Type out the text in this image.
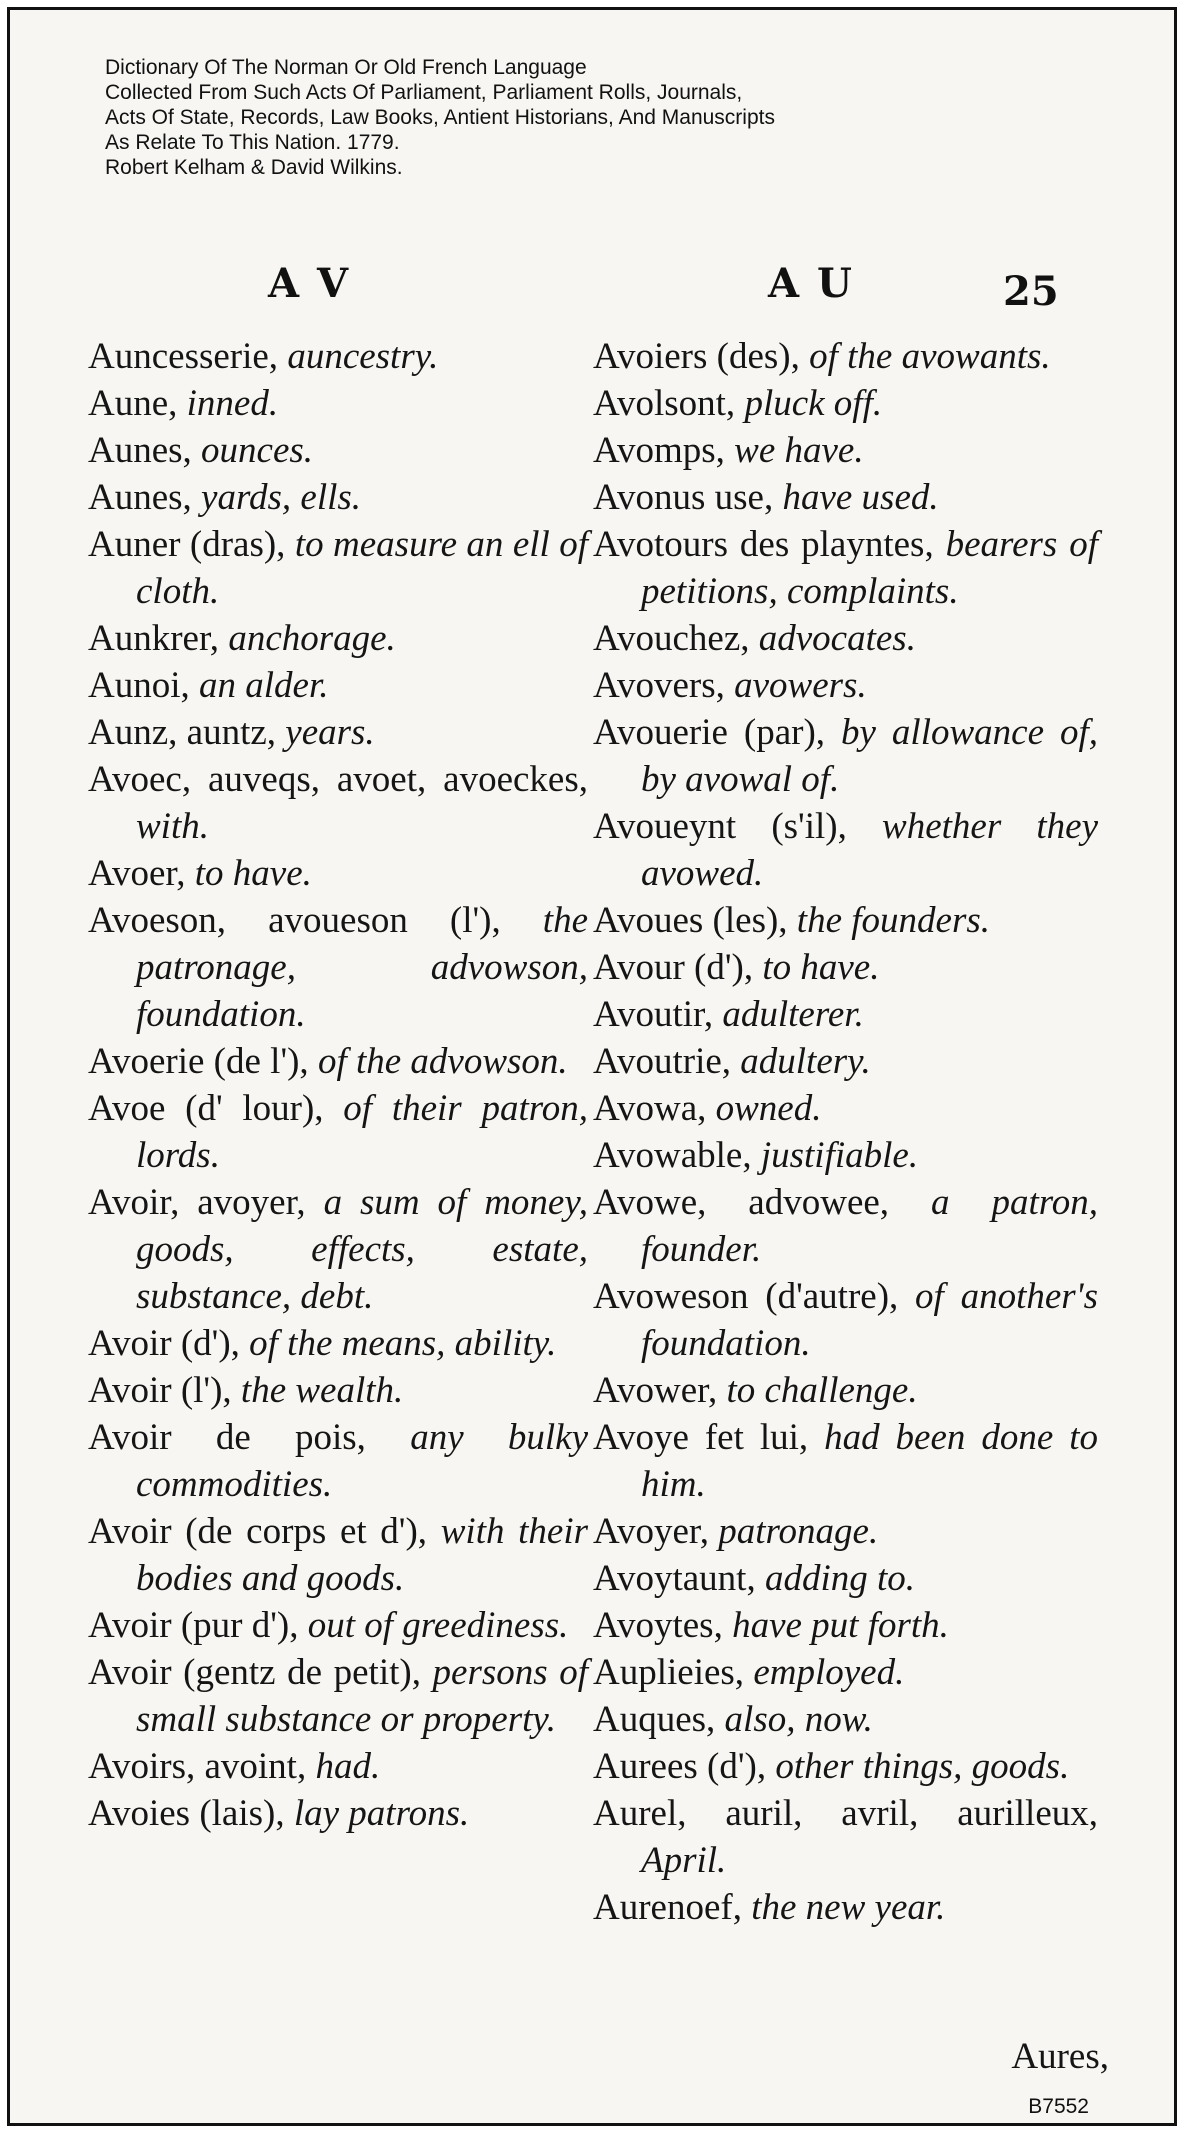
Dictionary Of The Norman Or Old French Language
Collected From Such Acts Of Parliament, Parliament Rolls, Journals,
Acts Of State, Records, Law Books, Antient Historians, And Manuscripts
As Relate To This Nation. 1779.
Robert Kelham & David Wilkins.
A V	A U	25

Auncesserie, auncestry.

Aune, inned.

Aunes, ounces.

Aunes, yards, ells.

Auner (dras), to measure an ell of cloth.

Aunkrer, anchorage.

Aunoi, an alder.

Aunz, auntz, years.

Avoec, auveqs, avoet, avoeckes, with.

Avoer, to have.

Avoeson, avoueson (l'), the patronage, advowson, foundation.

Avoerie (de l'), of the advowson.

Avoe (d' lour), of their patron, lords.

Avoir, avoyer, a sum of money, goods, effects, estate, substance, debt.

Avoir (d'), of the means, ability.

Avoir (l'), the wealth.

Avoir de pois, any bulky commodities.

Avoir (de corps et d'), with their bodies and goods.

Avoir (pur d'), out of greediness.

Avoir (gentz de petit), persons of small substance or property.

Avoirs, avoint, had.

Avoies (lais), lay patrons.

Avoiers (des), of the avowants.

Avolsont, pluck off.

Avomps, we have.

Avonus use, have used.

Avotours des playntes, bearers of petitions, complaints.

Avouchez, advocates.

Avovers, avowers.

Avouerie (par), by allowance of, by avowal of.

Avoueynt (s'il), whether they avowed.

Avoues (les), the founders.

Avour (d'), to have.

Avoutir, adulterer.

Avoutrie, adultery.

Avowa, owned.

Avowable, justifiable.

Avowe, advowee, a patron, founder.

Avoweson (d'autre), of another's foundation.

Avower, to challenge.

Avoye fet lui, had been done to him.

Avoyer, patronage.

Avoytaunt, adding to.

Avoytes, have put forth.

Auplieies, employed.

Auques, also, now.

Aurees (d'), other things, goods.

Aurel, auril, avril, aurilleux, April.

Aurenoef, the new year.

Aures,
B7552
